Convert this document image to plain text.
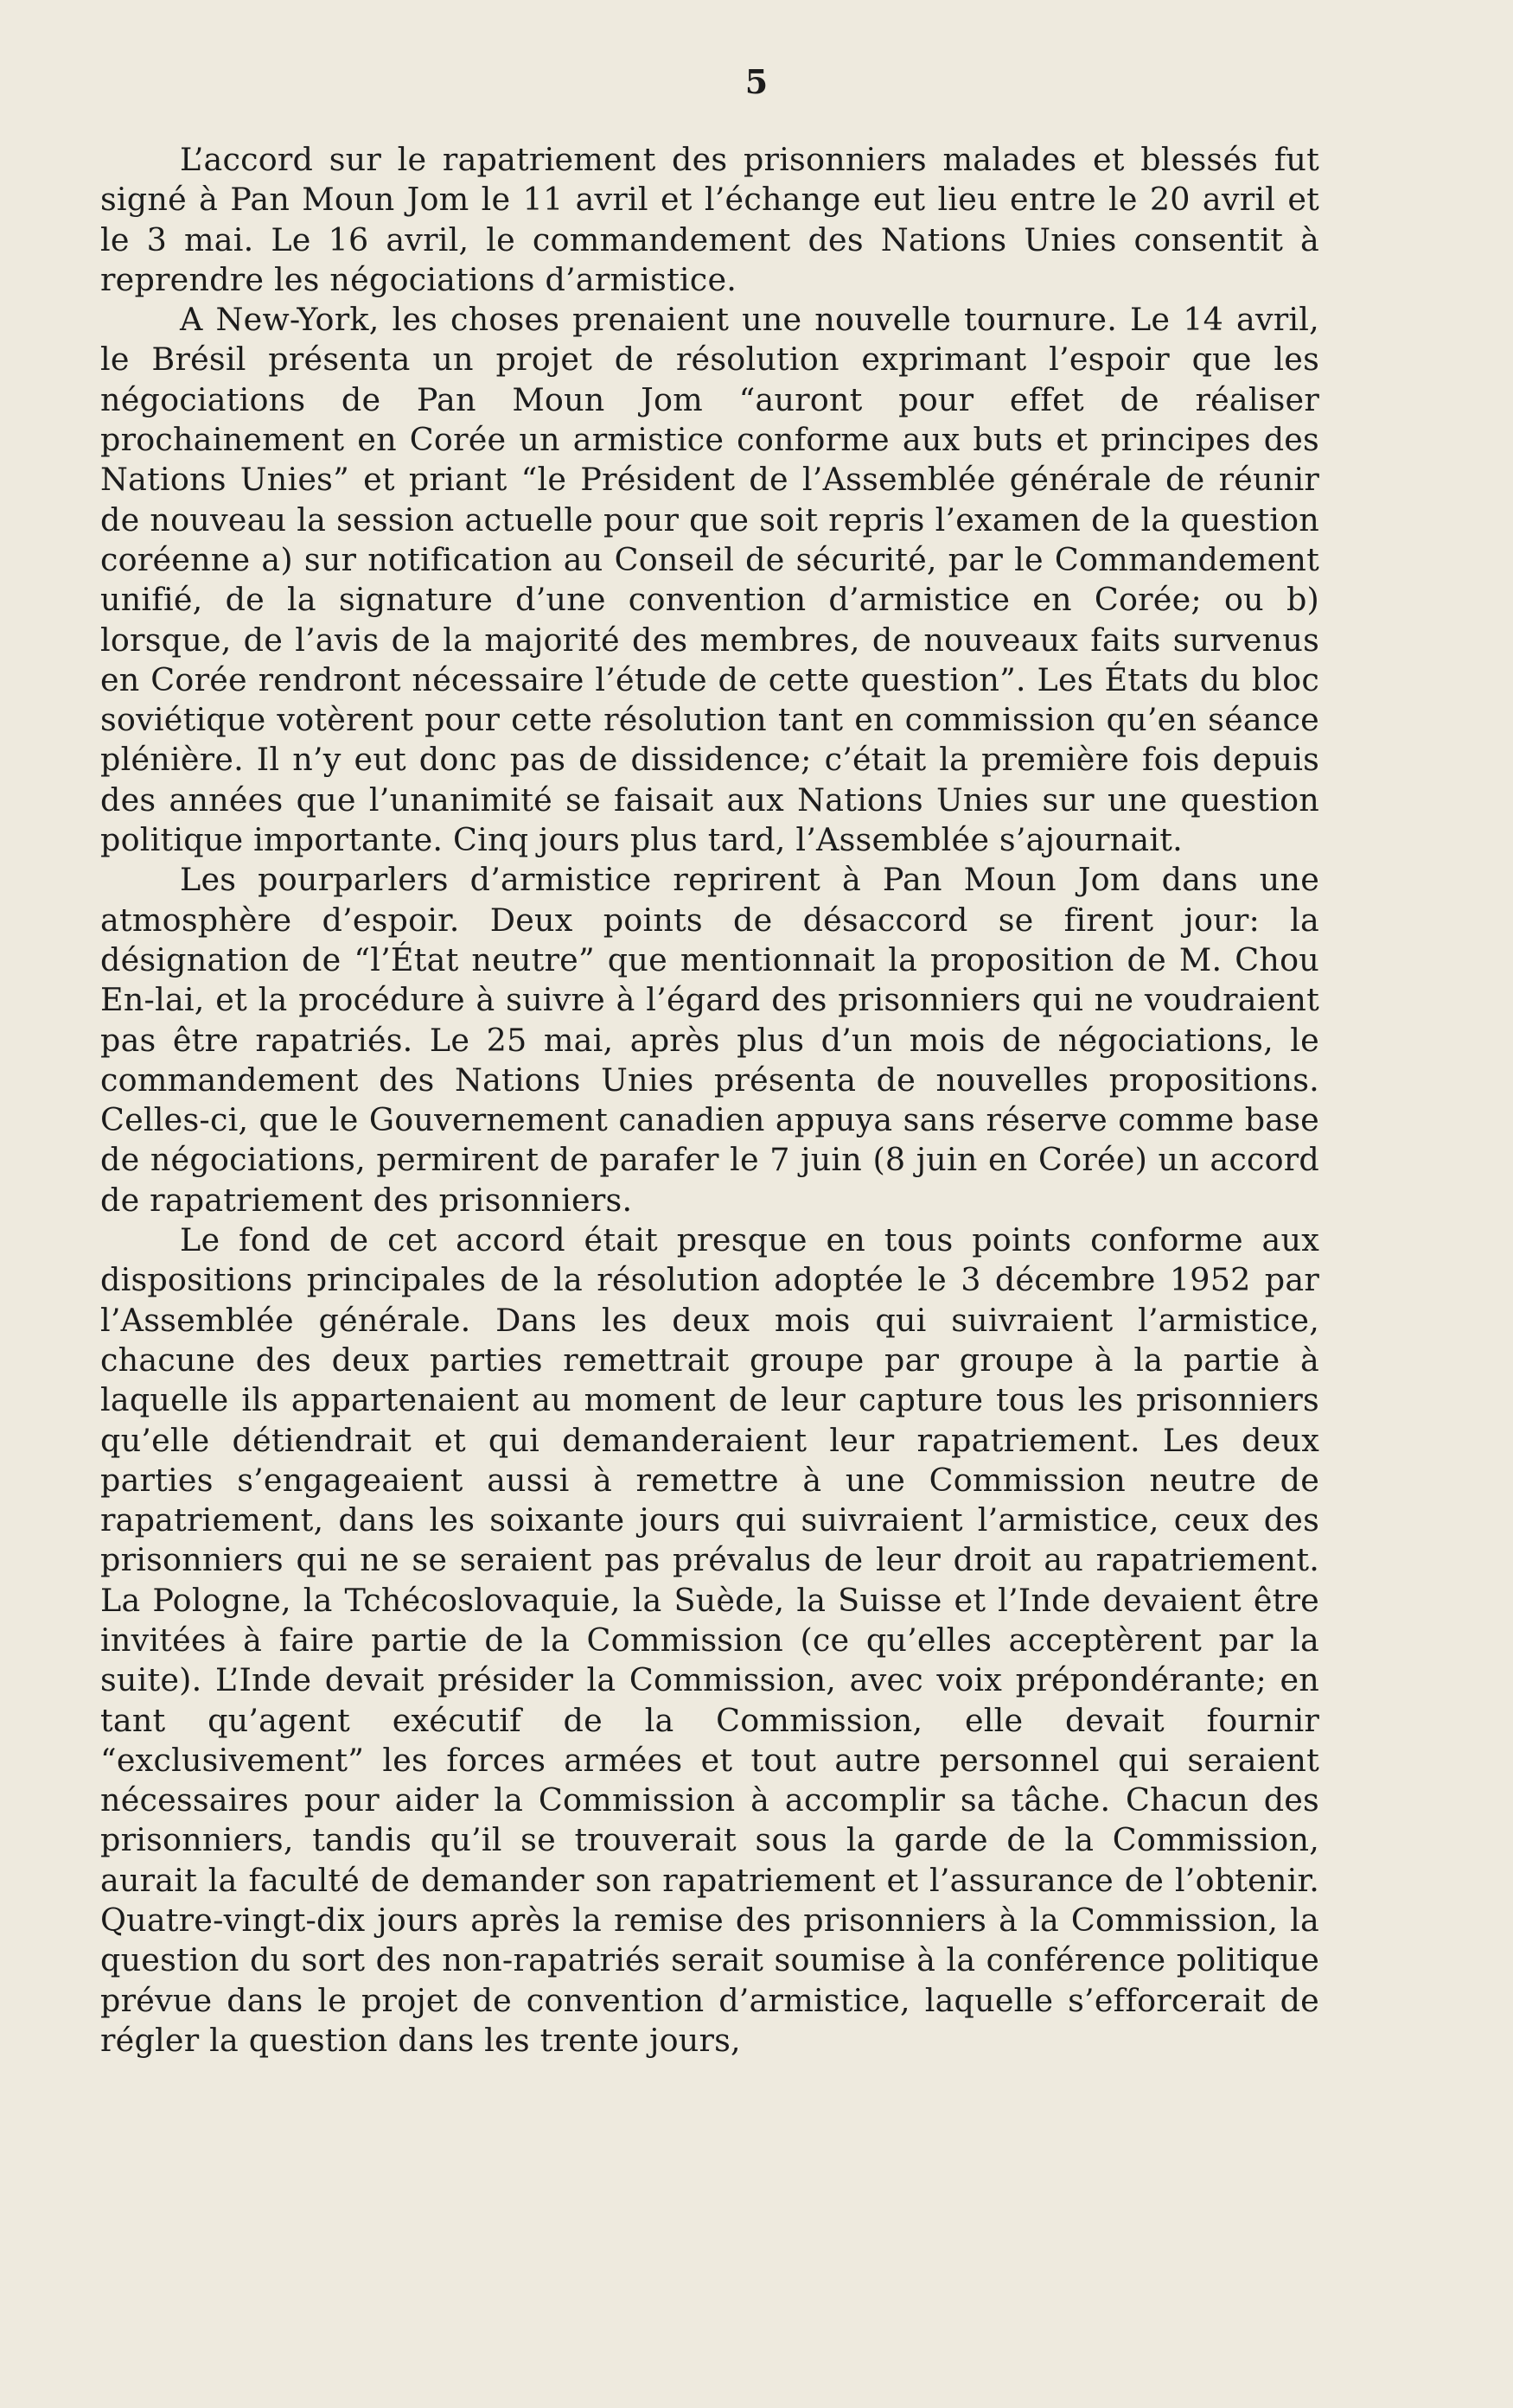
5

L’accord sur le rapatriement des prisonniers malades et blessés fut signé à Pan Moun Jom le 11 avril et l’échange eut lieu entre le 20 avril et le 3 mai. Le 16 avril, le commandement des Nations Unies consentit à reprendre les négociations d’armistice.

A New-York, les choses prenaient une nouvelle tournure. Le 14 avril, le Brésil présenta un projet de résolution exprimant l’espoir que les négociations de Pan Moun Jom “auront pour effet de réaliser prochainement en Corée un armistice conforme aux buts et principes des Nations Unies” et priant “le Président de l’Assemblée générale de réunir de nouveau la session actuelle pour que soit repris l’examen de la question coréenne a) sur notification au Conseil de sécurité, par le Commandement unifié, de la signature d’une convention d’armistice en Corée; ou b) lorsque, de l’avis de la majorité des membres, de nouveaux faits survenus en Corée rendront nécessaire l’étude de cette question”. Les États du bloc soviétique votèrent pour cette résolution tant en commission qu’en séance plénière. Il n’y eut donc pas de dissidence; c’était la première fois depuis des années que l’unanimité se faisait aux Nations Unies sur une question politique importante. Cinq jours plus tard, l’Assemblée s’ajournait.

Les pourparlers d’armistice reprirent à Pan Moun Jom dans une atmosphère d’espoir. Deux points de désaccord se firent jour: la désignation de “l’État neutre” que mentionnait la proposition de M. Chou En-lai, et la procédure à suivre à l’égard des prisonniers qui ne voudraient pas être rapatriés. Le 25 mai, après plus d’un mois de négociations, le commandement des Nations Unies présenta de nouvelles propositions. Celles-ci, que le Gouvernement canadien appuya sans réserve comme base de négociations, permirent de parafer le 7 juin (8 juin en Corée) un accord de rapatriement des prisonniers.

Le fond de cet accord était presque en tous points conforme aux dispositions principales de la résolution adoptée le 3 décembre 1952 par l’Assemblée générale. Dans les deux mois qui suivraient l’armistice, chacune des deux parties remettrait groupe par groupe à la partie à laquelle ils appartenaient au moment de leur capture tous les prisonniers qu’elle détiendrait et qui demanderaient leur rapatriement. Les deux parties s’engageaient aussi à remettre à une Commission neutre de rapatriement, dans les soixante jours qui suivraient l’armistice, ceux des prisonniers qui ne se seraient pas prévalus de leur droit au rapatriement. La Pologne, la Tchécoslovaquie, la Suède, la Suisse et l’Inde devaient être invitées à faire partie de la Commission (ce qu’elles acceptèrent par la suite). L’Inde devait présider la Commission, avec voix prépondérante; en tant qu’agent exécutif de la Commission, elle devait fournir “exclusivement” les forces armées et tout autre personnel qui seraient nécessaires pour aider la Commission à accomplir sa tâche. Chacun des prisonniers, tandis qu’il se trouverait sous la garde de la Commission, aurait la faculté de demander son rapatriement et l’assurance de l’obtenir. Quatre-vingt-dix jours après la remise des prisonniers à la Commission, la question du sort des non-rapatriés serait soumise à la conférence politique prévue dans le projet de convention d’armistice, laquelle s’efforcerait de régler la question dans les trente jours,
